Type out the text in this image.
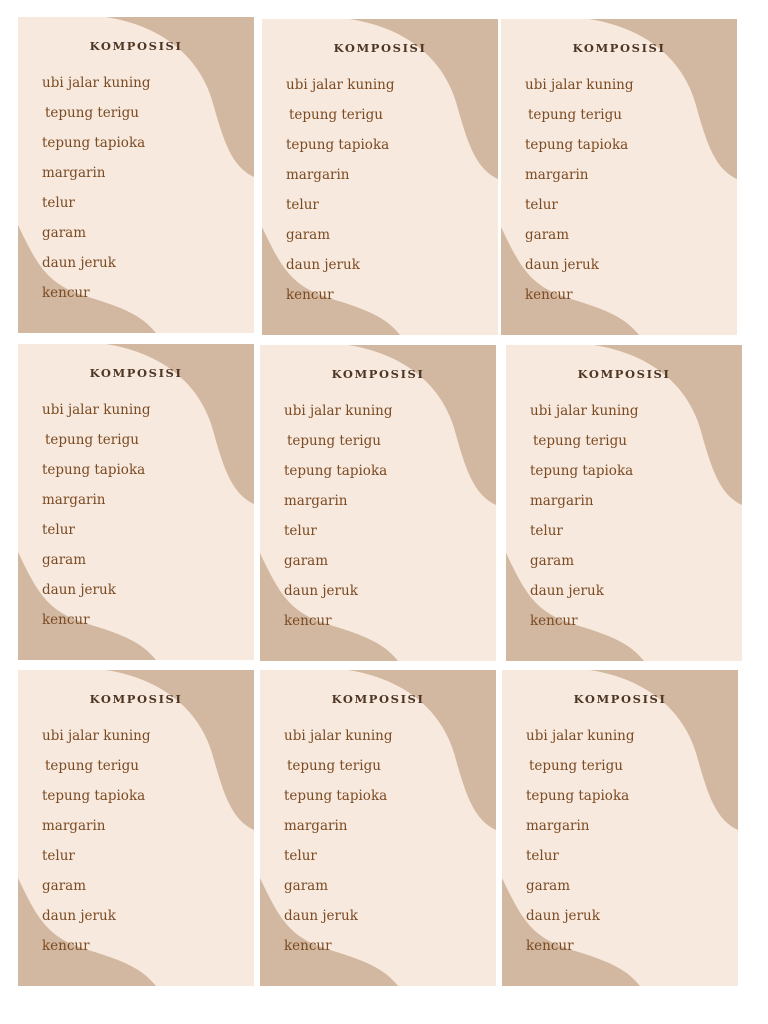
KOMPOSISI
ubi jalar kuning
tepung terigu
tepung tapioka
margarin
telur
garam
daun jeruk
kencur
KOMPOSISI
ubi jalar kuning
tepung terigu
tepung tapioka
margarin
telur
garam
daun jeruk
kencur
KOMPOSISI
ubi jalar kuning
tepung terigu
tepung tapioka
margarin
telur
garam
daun jeruk
kencur
KOMPOSISI
ubi jalar kuning
tepung terigu
tepung tapioka
margarin
telur
garam
daun jeruk
kencur
KOMPOSISI
ubi jalar kuning
tepung terigu
tepung tapioka
margarin
telur
garam
daun jeruk
kencur
KOMPOSISI
ubi jalar kuning
tepung terigu
tepung tapioka
margarin
telur
garam
daun jeruk
kencur
KOMPOSISI
ubi jalar kuning
tepung terigu
tepung tapioka
margarin
telur
garam
daun jeruk
kencur
KOMPOSISI
ubi jalar kuning
tepung terigu
tepung tapioka
margarin
telur
garam
daun jeruk
kencur
KOMPOSISI
ubi jalar kuning
tepung terigu
tepung tapioka
margarin
telur
garam
daun jeruk
kencur
